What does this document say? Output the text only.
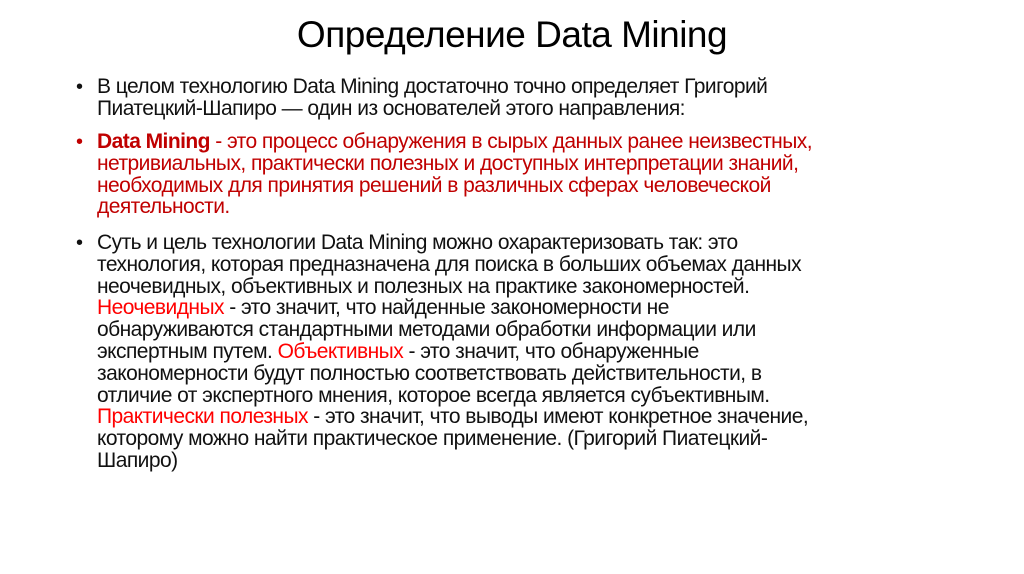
Определение Data Mining
• В целом технологию Data Mining достаточно точно определяет Григорий
Пиатецкий-Шапиро — один из основателей этого направления:
• Data Mining - это процесс обнаружения в сырых данных ранее неизвестных,
нетривиальных, практически полезных и доступных интерпретации знаний,
необходимых для принятия решений в различных сферах человеческой
деятельности.
• Суть и цель технологии Data Mining можно охарактеризовать так: это
технология, которая предназначена для поиска в больших объемах данных
неочевидных, объективных и полезных на практике закономерностей.
Неочевидных - это значит, что найденные закономерности не
обнаруживаются стандартными методами обработки информации или
экспертным путем. Объективных - это значит, что обнаруженные
закономерности будут полностью соответствовать действительности, в
отличие от экспертного мнения, которое всегда является субъективным.
Практически полезных - это значит, что выводы имеют конкретное значение,
которому можно найти практическое применение. (Григорий Пиатецкий-
Шапиро)
